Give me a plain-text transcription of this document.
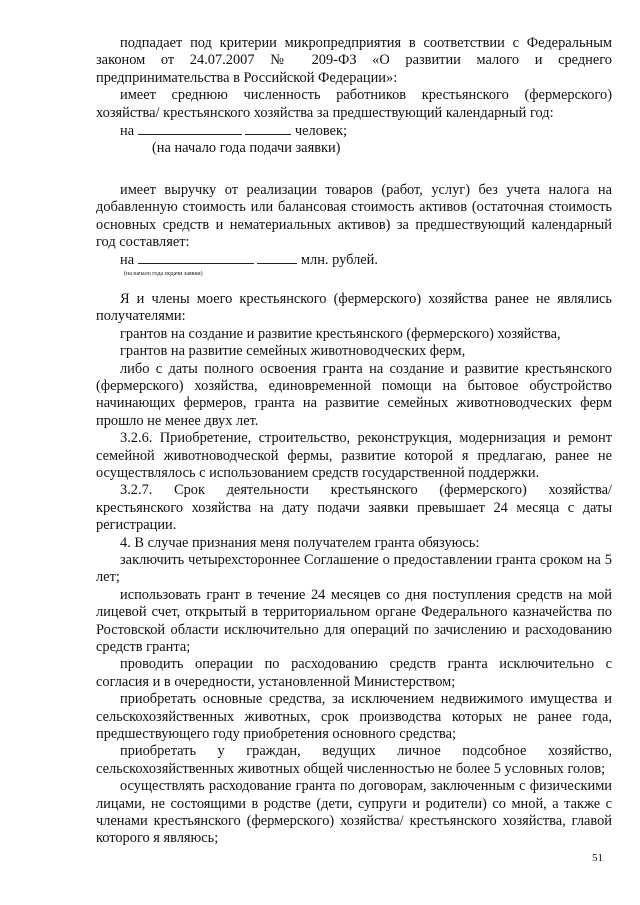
подпадает под критерии микропредприятия в соответствии с Федеральным законом от 24.07.2007 № 209-ФЗ «О развитии малого и среднего предпринимательства в Российской Федерации»:
имеет среднюю численность работников крестьянского (фермерского) хозяйства/ крестьянского хозяйства за предшествующий календарный год:
на	человек;
(на начало года подачи заявки)
имеет выручку от реализации товаров (работ, услуг) без учета налога на добавленную стоимость или балансовая стоимость активов (остаточная стоимость основных средств и нематериальных активов) за предшествующий календарный год составляет:
на	млн. рублей.
(на начало года подачи заявки)
Я и члены моего крестьянского (фермерского) хозяйства ранее не являлись получателями:
грантов на создание и развитие крестьянского (фермерского) хозяйства,
грантов на развитие семейных животноводческих ферм,
либо с даты полного освоения гранта на создание и развитие крестьянского (фермерского) хозяйства, единовременной помощи на бытовое обустройство начинающих фермеров, гранта на развитие семейных животноводческих ферм прошло не менее двух лет.
3.2.6. Приобретение, строительство, реконструкция, модернизация и ремонт семейной животноводческой фермы, развитие которой я предлагаю, ранее не осуществлялось с использованием средств государственной поддержки.
3.2.7. Срок деятельности крестьянского (фермерского) хозяйства/ крестьянского хозяйства на дату подачи заявки превышает 24 месяца с даты регистрации.
4. В случае признания меня получателем гранта обязуюсь:
заключить четырехстороннее Соглашение о предоставлении гранта сроком на 5 лет;
использовать грант в течение 24 месяцев со дня поступления средств на мой лицевой счет, открытый в территориальном органе Федерального казначейства по Ростовской области исключительно для операций по зачислению и расходованию средств гранта;
проводить операции по расходованию средств гранта исключительно с согласия и в очередности, установленной Министерством;
приобретать основные средства, за исключением недвижимого имущества и сельскохозяйственных животных, срок производства которых не ранее года, предшествующего году приобретения основного средства;
приобретать у граждан, ведущих личное подсобное хозяйство, сельскохозяйственных животных общей численностью не более 5 условных голов;
осуществлять расходование гранта по договорам, заключенным с физическими лицами, не состоящими в родстве (дети, супруги и родители) со мной, а также с членами крестьянского (фермерского) хозяйства/ крестьянского хозяйства, главой которого я являюсь;
51
